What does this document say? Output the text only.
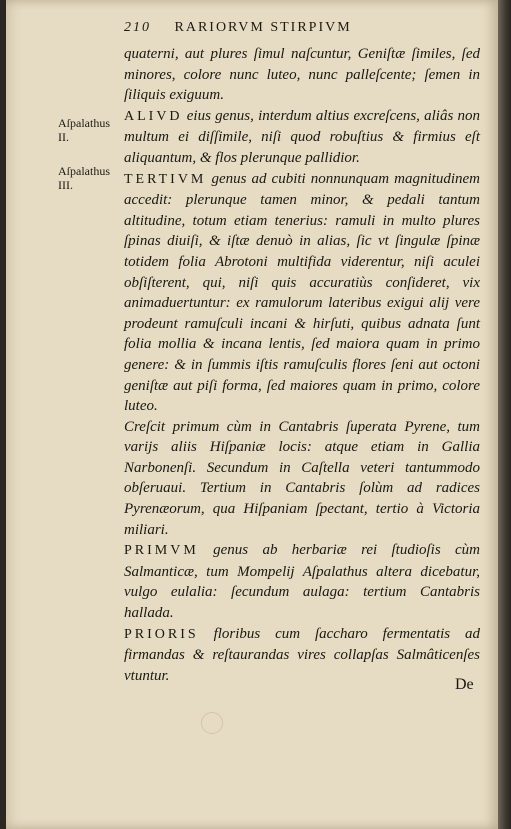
210 RARIORVM STIRPIVM
Aſpalathus
II.
Aſpalathus
III.

quaterni, aut plures ſimul naſcuntur, Geniſtæ ſimiles, ſed minores, colore nunc luteo, nunc palleſcente; ſemen in ſiliquis exiguum.

ALIVD eius genus, interdum altius excreſcens, aliâs non multum ei diſſimile, niſi quod robuſtius & firmius eſt aliquantum, & flos plerunque pallidior.

TERTIVM genus ad cubiti nonnunquam magnitudinem accedit: plerunque tamen minor, & pedali tantum altitudine, totum etiam tenerius: ramuli in multo plures ſpinas diuiſi, & iſtæ denuò in alias, ſic vt ſingulæ ſpinæ totidem folia Abrotoni multifida viderentur, niſi aculei obſiſterent, qui, niſi quis accuratiùs conſideret, vix animaduertuntur: ex ramulorum lateribus exigui alij vere prodeunt ramuſculi incani & hirſuti, quibus adnata ſunt folia mollia & incana lentis, ſed maiora quam in primo genere: & in ſummis iſtis ramuſculis flores ſeni aut octoni geniſtæ aut piſi forma, ſed maiores quam in primo, colore luteo.

Creſcit primum cùm in Cantabris ſuperata Pyrene, tum varijs aliis Hiſpaniæ locis: atque etiam in Gallia Narbonenſi. Secundum in Caſtella veteri tantummodo obſeruaui. Tertium in Cantabris ſolùm ad radices Pyrenæorum, qua Hiſpaniam ſpectant, tertio à Victoria miliari.

PRIMVM genus ab herbariæ rei ſtudioſis cùm Salmanticæ, tum Mompelij Aſpalathus altera dicebatur, vulgo eulalia: ſecundum aulaga: tertium Cantabris hallada.

PRIORIS floribus cum ſaccharo fermentatis ad firmandas & reſtaurandas vires collapſas Salmâticenſes vtuntur.

De
